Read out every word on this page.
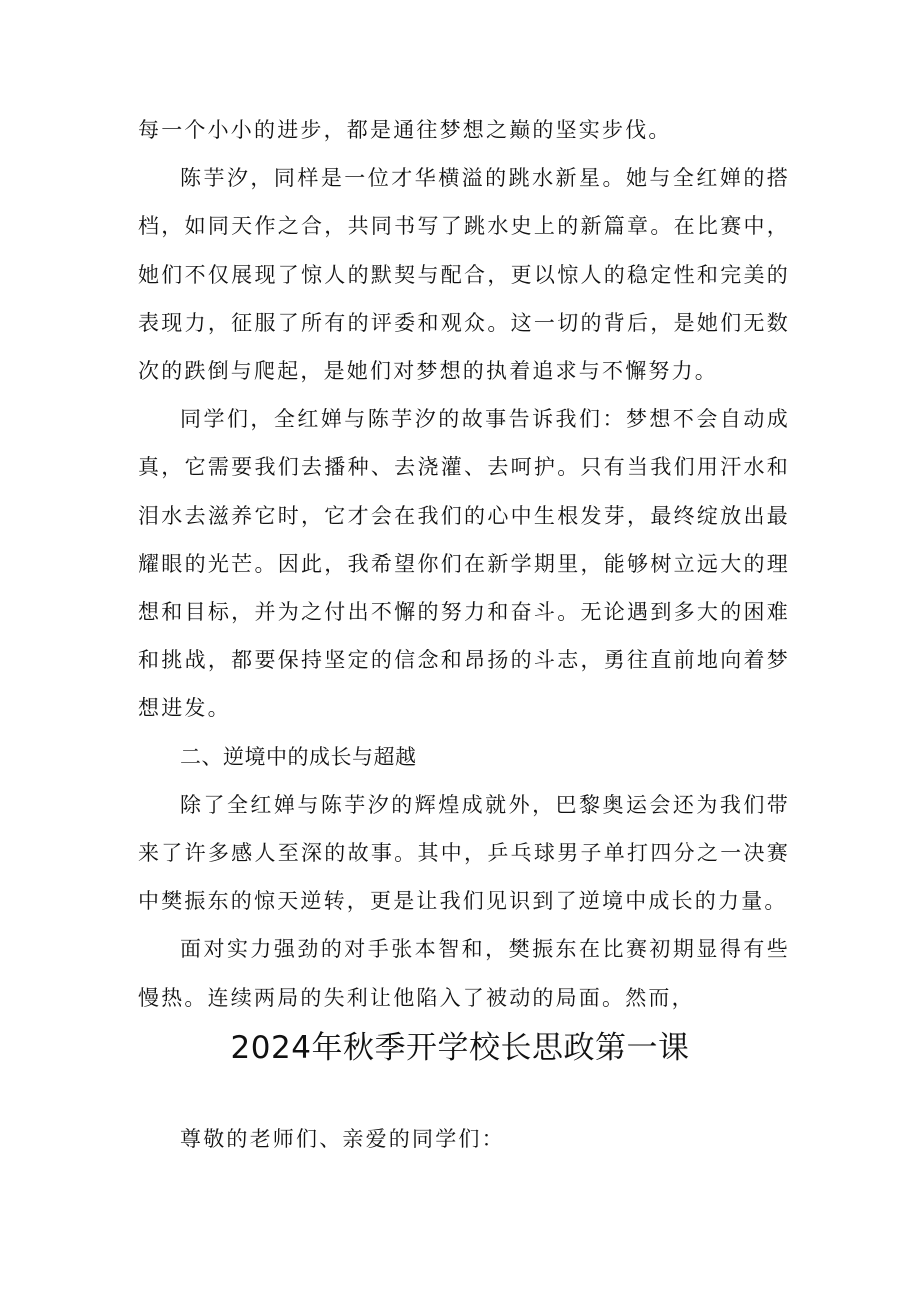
每一个小小的进步，都是通往梦想之巅的坚实步伐。

陈芋汐，同样是一位才华横溢的跳水新星。她与全红婵的搭档，如同天作之合，共同书写了跳水史上的新篇章。在比赛中，她们不仅展现了惊人的默契与配合，更以惊人的稳定性和完美的表现力，征服了所有的评委和观众。这一切的背后，是她们无数次的跌倒与爬起，是她们对梦想的执着追求与不懈努力。

同学们，全红婵与陈芋汐的故事告诉我们：梦想不会自动成真，它需要我们去播种、去浇灌、去呵护。只有当我们用汗水和泪水去滋养它时，它才会在我们的心中生根发芽，最终绽放出最耀眼的光芒。因此，我希望你们在新学期里，能够树立远大的理想和目标，并为之付出不懈的努力和奋斗。无论遇到多大的困难和挑战，都要保持坚定的信念和昂扬的斗志，勇往直前地向着梦想进发。

二、逆境中的成长与超越

除了全红婵与陈芋汐的辉煌成就外，巴黎奥运会还为我们带来了许多感人至深的故事。其中，乒乓球男子单打四分之一决赛中樊振东的惊天逆转，更是让我们见识到了逆境中成长的力量。

面对实力强劲的对手张本智和，樊振东在比赛初期显得有些慢热。连续两局的失利让他陷入了被动的局面。然而，

2024年秋季开学校长思政第一课

尊敬的老师们、亲爱的同学们：
